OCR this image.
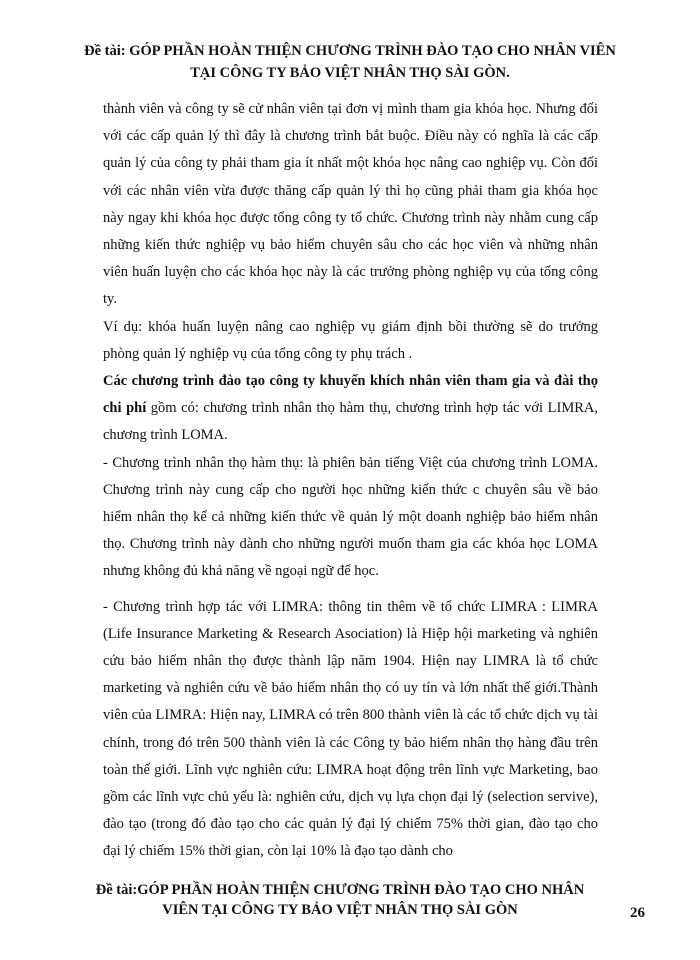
Đề tài: GÓP PHẦN HOÀN THIỆN CHƯƠNG TRÌNH ĐÀO TẠO CHO NHÂN VIÊN
TẠI CÔNG TY BẢO VIỆT NHÂN THỌ SÀI GÒN.

thành viên và công ty sẽ cử nhân viên tại đơn vị mình tham gia khóa học. Nhưng đối với các cấp quản lý thì đây là chương trình bắt buộc. Điều này có nghĩa là các cấp quản lý của công ty phải tham gia ít nhất một khóa học nâng cao nghiệp vụ. Còn đối với các nhân viên vừa được thăng cấp quản lý thì họ cũng phải tham gia khóa học này ngay khi khóa học được tổng công ty tổ chức. Chương trình này nhằm cung cấp những kiến thức nghiệp vụ bảo hiểm chuyên sâu cho các học viên và những nhân viên huấn luyện cho các khóa học này là các trưởng phòng nghiệp vụ của tổng công ty.

Ví dụ: khóa huấn luyện nâng cao nghiệp vụ giám định bồi thường sẽ do trưởng phòng quản lý nghiệp vụ của tổng công ty phụ trách .

Các chương trình đào tạo công ty khuyến khích nhân viên tham gia và đài thọ chi phí gồm có: chương trình nhân thọ hàm thụ, chương trình hợp tác với LIMRA, chương trình LOMA.

- Chương trình nhân thọ hàm thụ: là phiên bản tiếng Việt của chương trình LOMA. Chương trình này cung cấp cho người học những kiến thức c chuyên sâu về bảo hiểm nhân thọ kể cả những kiến thức về quản lý một doanh nghiệp bảo hiểm nhân thọ. Chương trình này dành cho những người muốn tham gia các khóa học LOMA nhưng không đủ khả năng về ngoại ngữ để học.

- Chương trình hợp tác với LIMRA: thông tin thêm về tổ chức LIMRA : LIMRA (Life Insurance Marketing & Research Asociation) là Hiệp hội marketing và nghiên cứu bảo hiểm nhân thọ được thành lập năm 1904. Hiện nay LIMRA là tổ chức marketing và nghiên cứu về bảo hiểm nhân thọ có uy tín và lớn nhất thế giới.Thành viên của LIMRA: Hiện nay, LIMRA có trên 800 thành viên là các tổ chức dịch vụ tài chính, trong đó trên 500 thành viên là các Công ty bảo hiểm nhân thọ hàng đầu trên toàn thế giới. Lĩnh vực nghiên cứu: LIMRA hoạt động trên lĩnh vực Marketing, bao gồm các lĩnh vực chủ yếu là: nghiên cứu, dịch vụ lựa chọn đại lý (selection servive), đào tạo (trong đó đào tạo cho các quản lý đại lý chiếm 75% thời gian, đào tạo cho đại lý chiếm 15% thời gian, còn lại 10% là đạo tạo dành cho

Đề tài:GÓP PHẦN HOÀN THIỆN CHƯƠNG TRÌNH ĐÀO TẠO CHO NHÂN
VIÊN TẠI CÔNG TY BẢO VIỆT NHÂN THỌ SÀI GÒN	26
